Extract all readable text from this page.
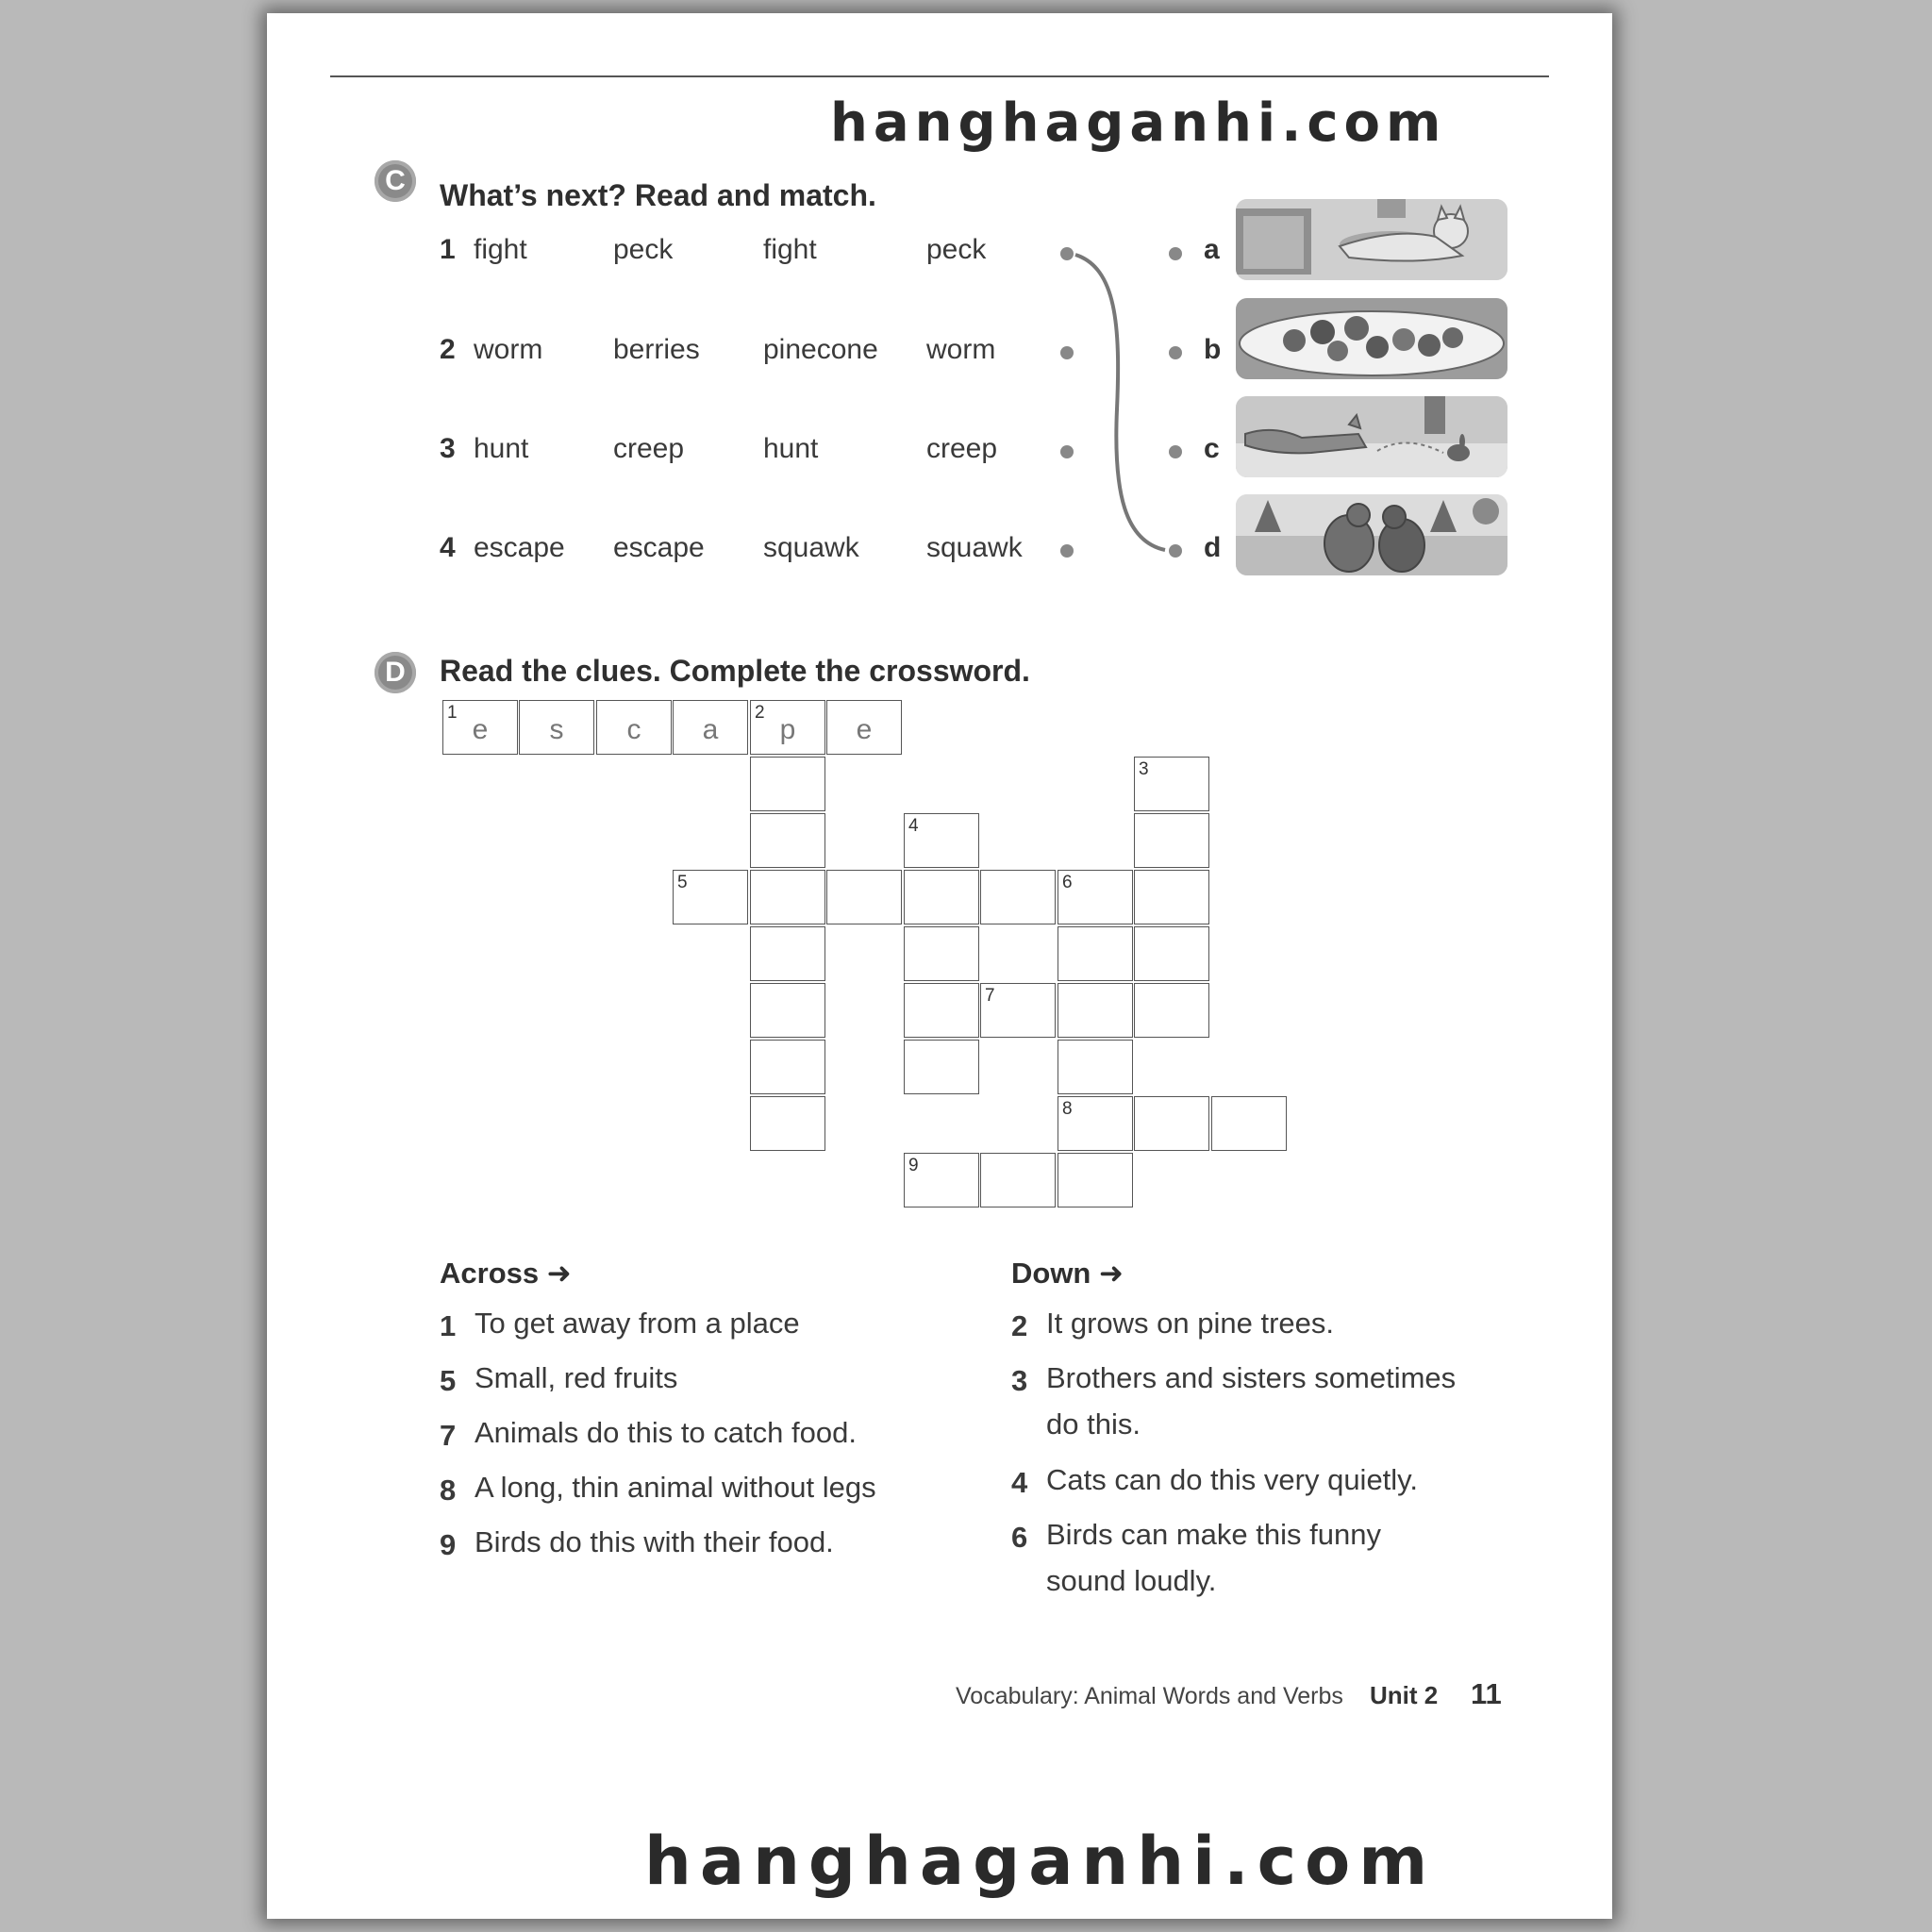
hanghaganhi.com
C	What’s next? Read and match.
1 fight	peck	fight	peck
2 worm berries pinecone worm
3 hunt	creep	hunt	creep
4 escape escape squawk squawk
a
b
c
d
D	Read the clues. Complete the crossword.
1
e	s	c	a
2
p	e
3
4
5	6
7
8
9
Across ➜	Down ➜
1 To get away from a place
5 Small, red fruits
7 Animals do this to catch food.
8 A long, thin animal without legs
9 Birds do this with their food.
2 It grows on pine trees.
3 Brothers and sisters sometimes
do this.
4 Cats can do this very quietly.
6 Birds can make this funny
sound loudly.
Vocabulary: Animal Words and Verbs Unit 2 11
hanghaganhi.com
